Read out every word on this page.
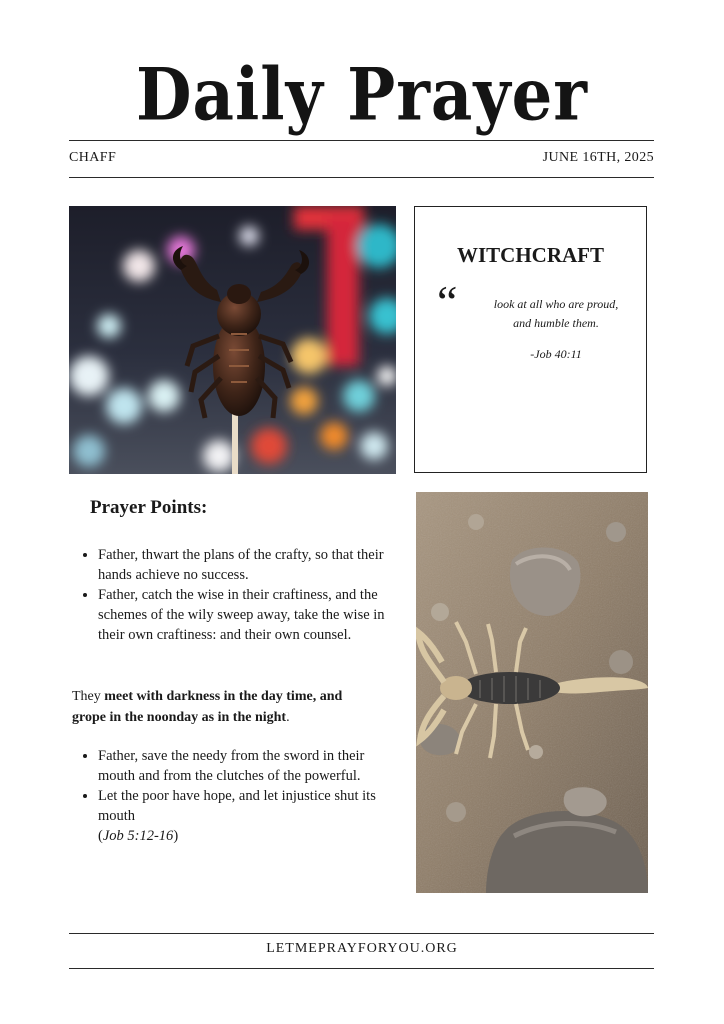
Daily Prayer
CHAFF	JUNE 16TH, 2025
WITCHCRAFT
“	look at all who are proud,
and humble them.
-Job 40:11
Prayer Points:
• Father, thwart the plans of the crafty, so that their hands achieve no success.
• Father, catch the wise in their craftiness, and the schemes of the wily sweep away, take the wise in their own craftiness: and their own counsel.
They meet with darkness in the day time, and grope in the noonday as in the night.
• Father, save the needy from the sword in their mouth and from the clutches of the powerful.
• Let the poor have hope, and let injustice shut its mouth
(Job 5:12-16)
LETMEPRAYFORYOU.ORG
